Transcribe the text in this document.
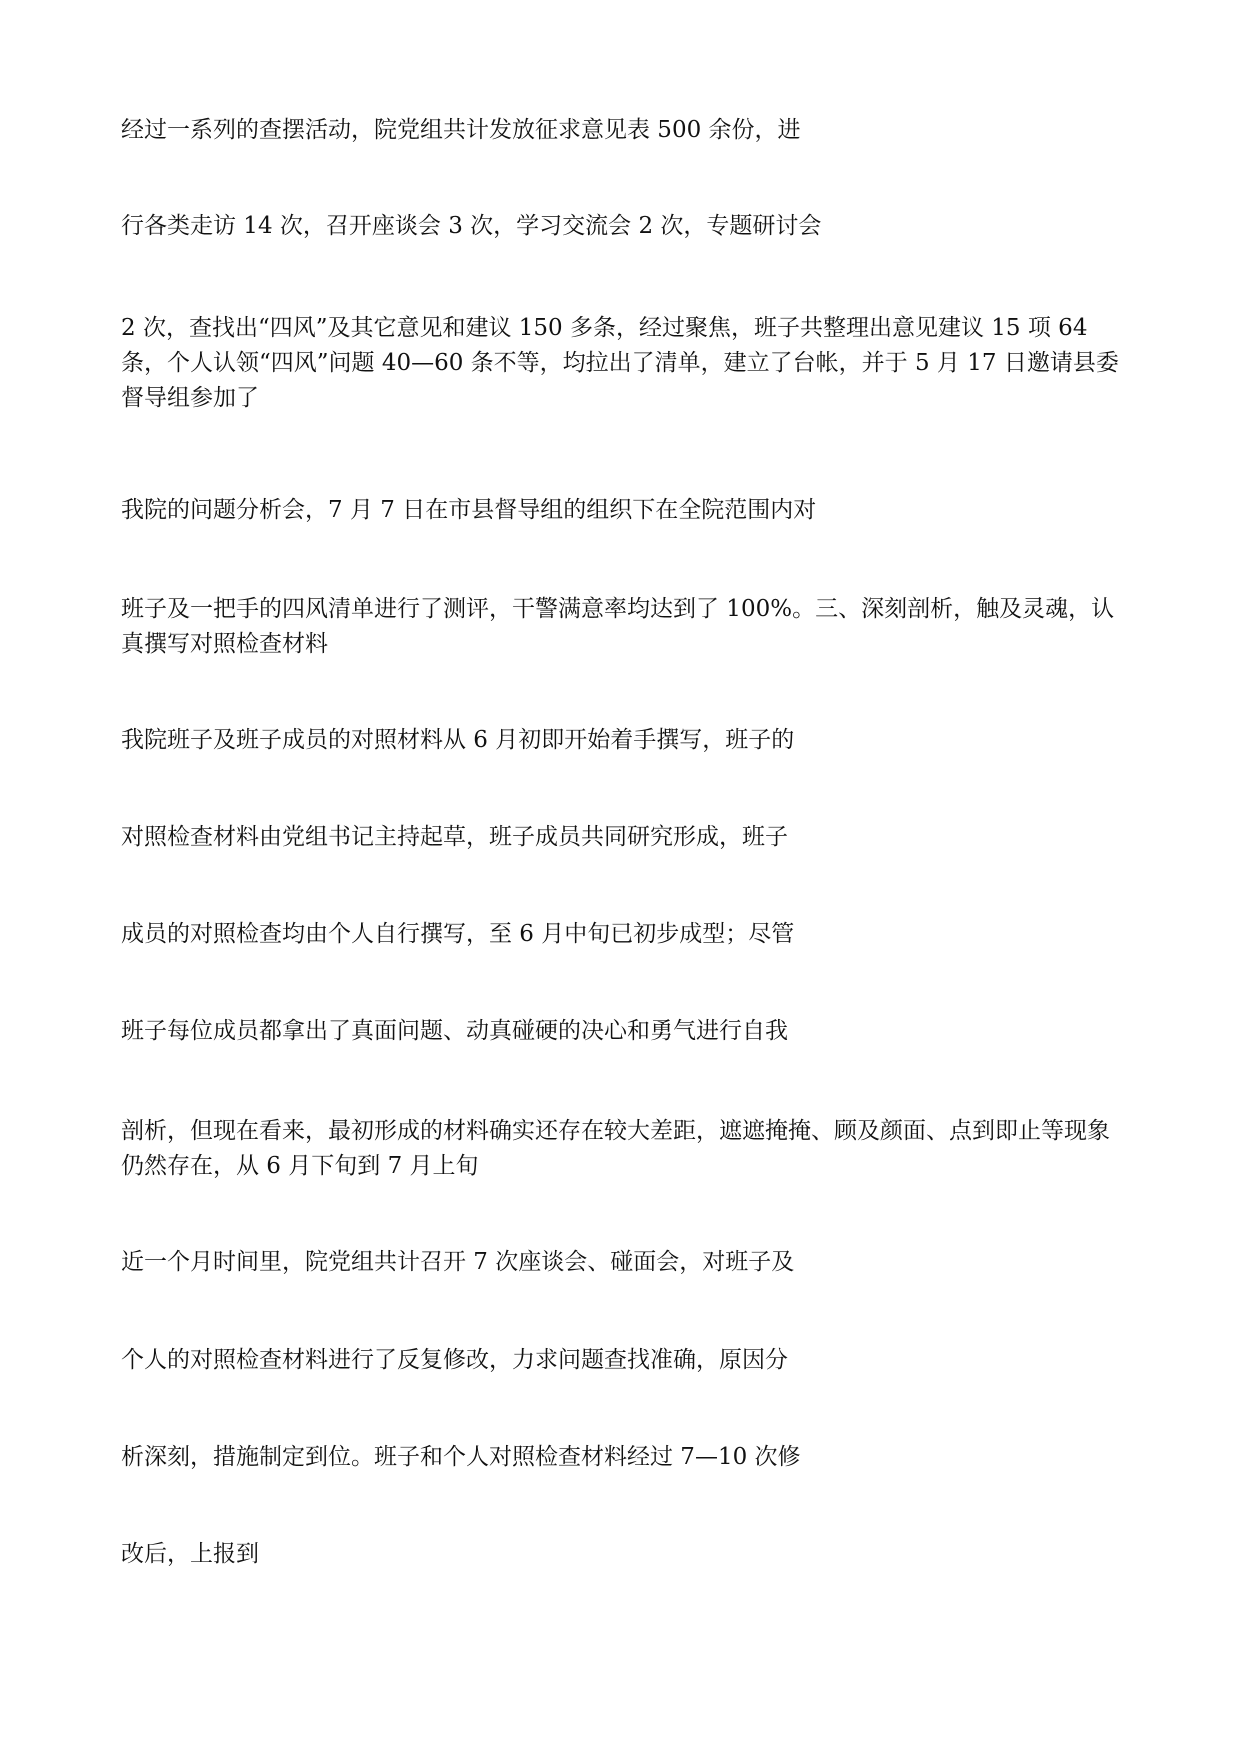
经过一系列的查摆活动，院党组共计发放征求意见表 500 余份，进

行各类走访 14 次，召开座谈会 3 次，学习交流会 2 次，专题研讨会

2 次，查找出“四风”及其它意见和建议 150 多条，经过聚焦，班子共整理出意见建议 15 项 64 条，个人认领“四风”问题 40—60 条不等，均拉出了清单，建立了台帐，并于 5 月 17 日邀请县委督导组参加了

我院的问题分析会，7 月 7 日在市县督导组的组织下在全院范围内对

班子及一把手的四风清单进行了测评，干警满意率均达到了 100%。三、深刻剖析，触及灵魂，认真撰写对照检查材料

我院班子及班子成员的对照材料从 6 月初即开始着手撰写，班子的

对照检查材料由党组书记主持起草，班子成员共同研究形成，班子

成员的对照检查均由个人自行撰写，至 6 月中旬已初步成型；尽管

班子每位成员都拿出了真面问题、动真碰硬的决心和勇气进行自我

剖析，但现在看来，最初形成的材料确实还存在较大差距，遮遮掩掩、顾及颜面、点到即止等现象仍然存在，从 6 月下旬到 7 月上旬

近一个月时间里，院党组共计召开 7 次座谈会、碰面会，对班子及

个人的对照检查材料进行了反复修改，力求问题查找准确，原因分

析深刻，措施制定到位。班子和个人对照检查材料经过 7—10 次修

改后，上报到
